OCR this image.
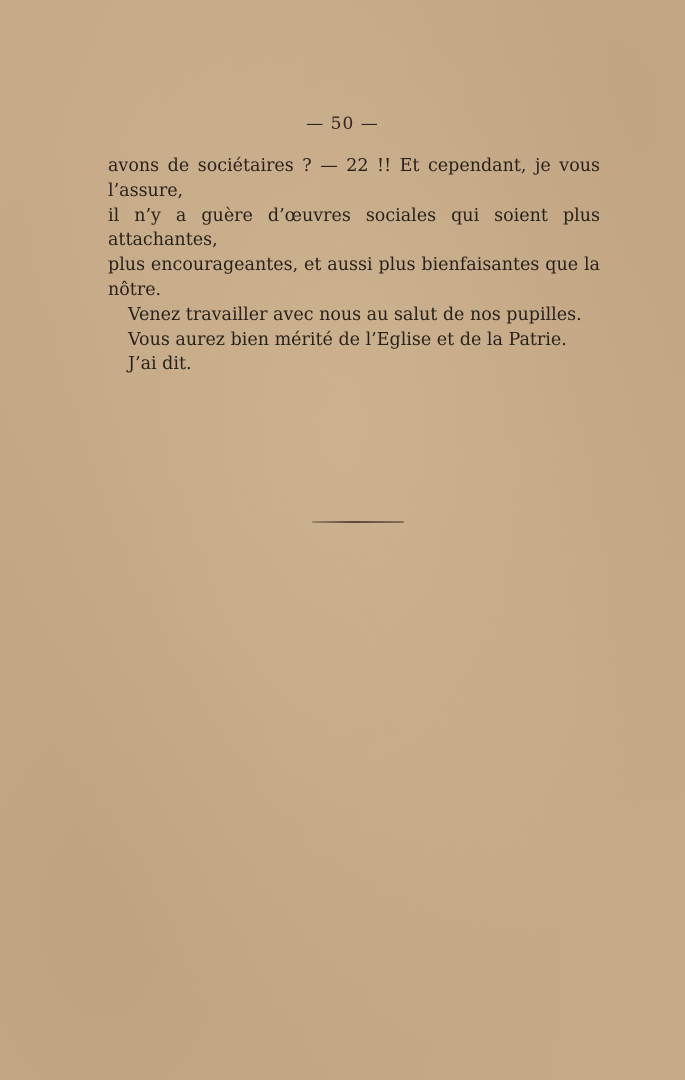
— 50 —
avons de sociétaires ? — 22 !! Et cependant, je vous l’assure,
il n’y a guère d’œuvres sociales qui soient plus attachantes,
plus encourageantes, et aussi plus bienfaisantes que la
nôtre.
Venez travailler avec nous au salut de nos pupilles.
Vous aurez bien mérité de l’Eglise et de la Patrie.
J’ai dit.
